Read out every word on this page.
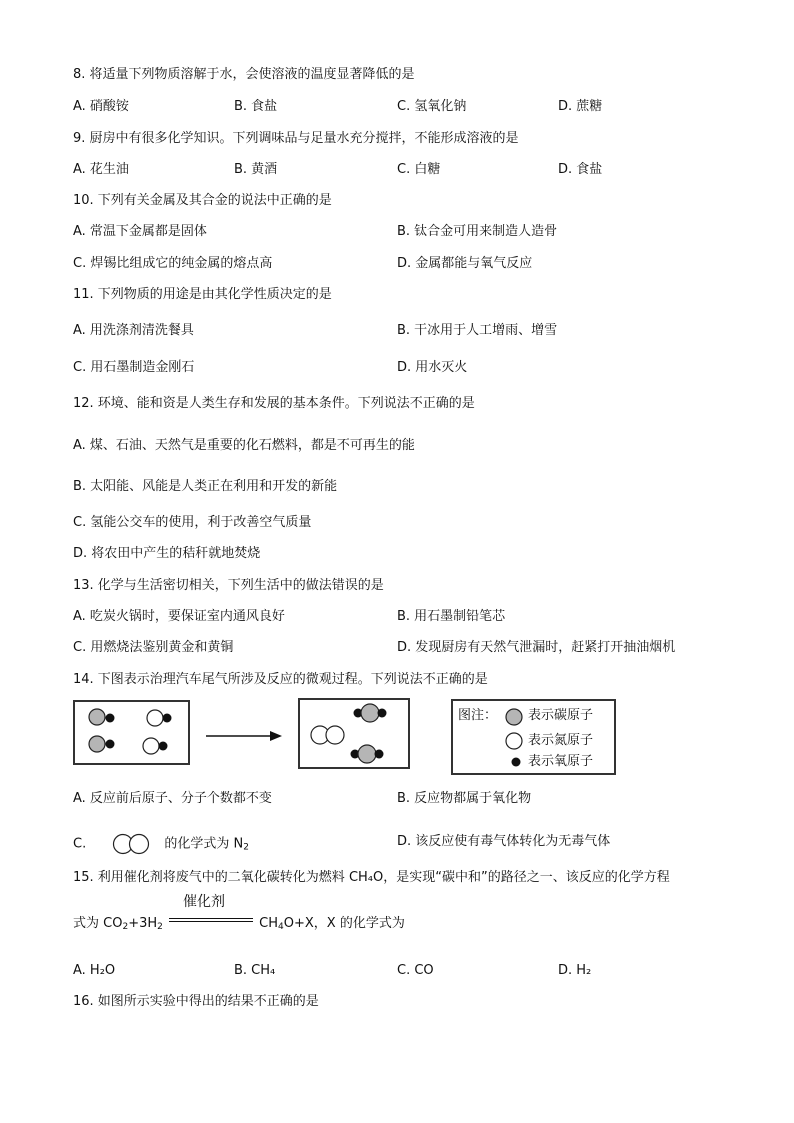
8. 将适量下列物质溶解于水，会使溶液的温度显著降低的是
A. 硝酸铵	B. 食盐	C. 氢氧化钠	D. 蔗糖
9. 厨房中有很多化学知识。下列调味品与足量水充分搅拌，不能形成溶液的是
A. 花生油	B. 黄酒	C. 白糖	D. 食盐
10. 下列有关金属及其合金的说法中正确的是
A. 常温下金属都是固体	B. 钛合金可用来制造人造骨
C. 焊锡比组成它的纯金属的熔点高	D. 金属都能与氧气反应
11. 下列物质的用途是由其化学性质决定的是
A. 用洗涤剂清洗餐具	B. 干冰用于人工增雨、增雪
C. 用石墨制造金刚石	D. 用水灭火
12. 环境、能和资是人类生存和发展的基本条件。下列说法不正确的是
A. 煤、石油、天然气是重要的化石燃料，都是不可再生的能
B. 太阳能、风能是人类正在利用和开发的新能
C. 氢能公交车的使用，利于改善空气质量
D. 将农田中产生的秸秆就地焚烧
13. 化学与生活密切相关，下列生活中的做法错误的是
A. 吃炭火锅时，要保证室内通风良好	B. 用石墨制铅笔芯
C. 用燃烧法鉴别黄金和黄铜	D. 发现厨房有天然气泄漏时，赶紧打开抽油烟机
14. 下图表示治理汽车尾气所涉及反应的微观过程。下列说法不正确的是
图注： 表示碳原子
表示氮原子
表示氧原子
A. 反应前后原子、分子个数都不变	B. 反应物都属于氧化物
C.	的化学式为 $N_2$	D. 该反应使有毒气体转化为无毒气体
15. 利用催化剂将废气中的二氧化碳转化为燃料 CH₄O，是实现“碳中和”的路径之一、该反应的化学方程
式为 $CO_2+3H_2$
催化剂
$CH_4O+X$，X 的化学式为
A. H₂O	B. CH₄	C. CO	D. H₂
16. 如图所示实验中得出的结果不正确的是
